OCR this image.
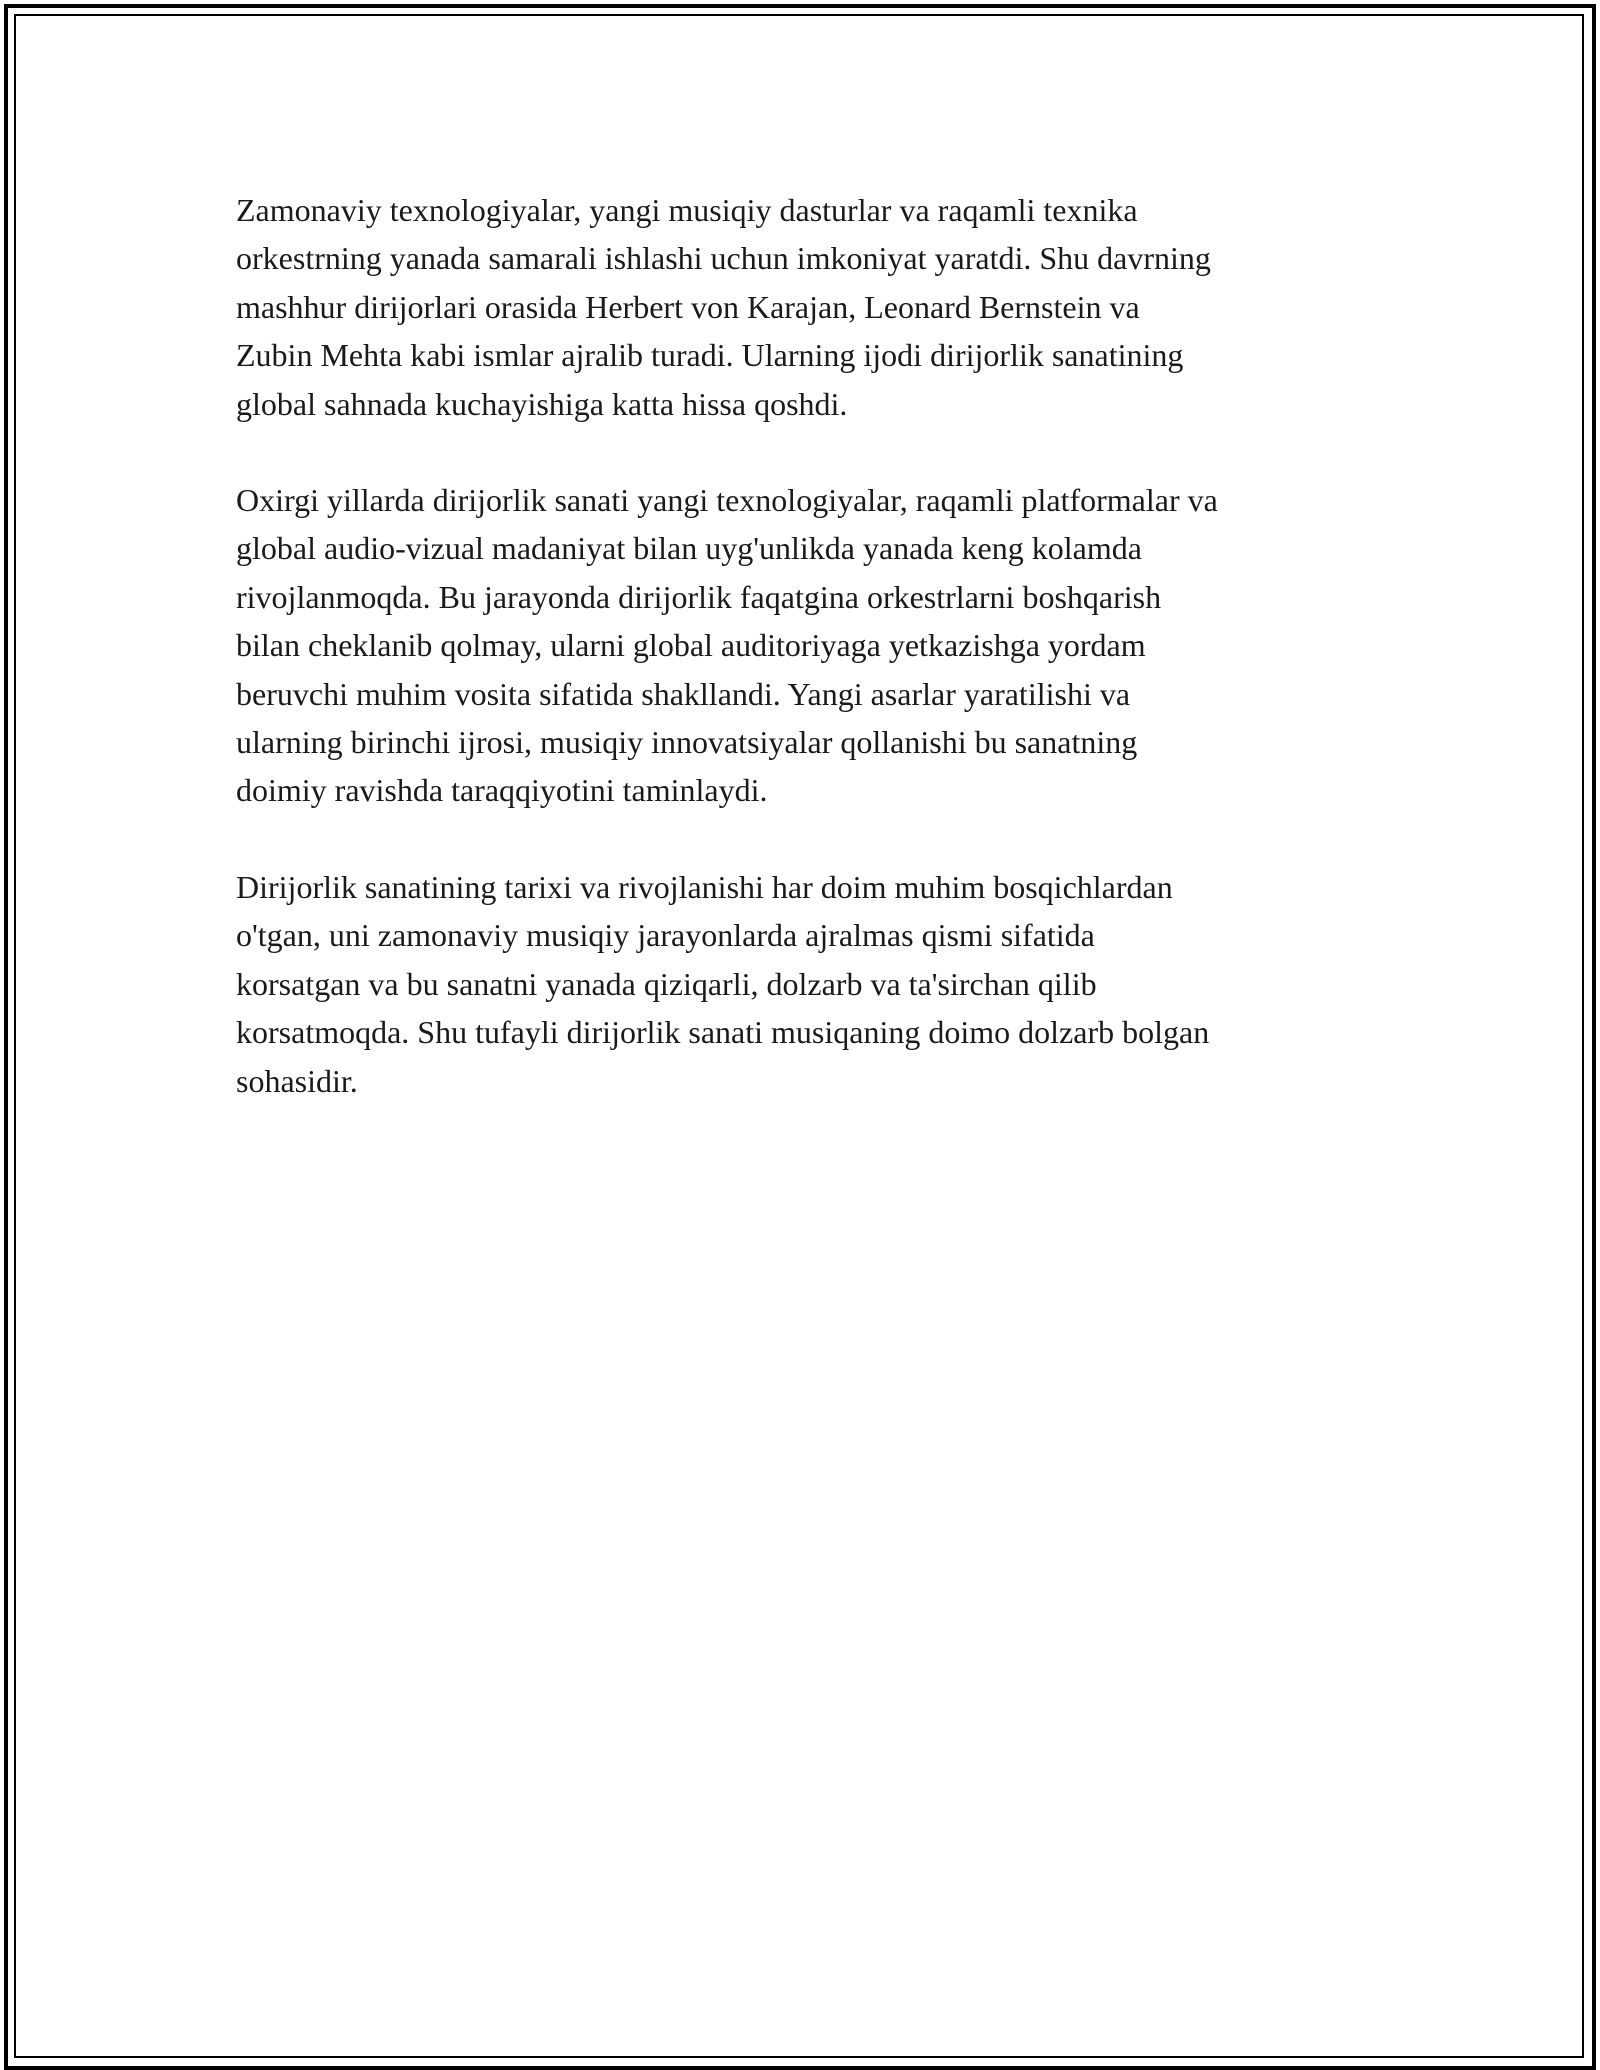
Zamonaviy texnologiyalar, yangi musiqiy dasturlar va raqamli texnika
orkestrning yanada samarali ishlashi uchun imkoniyat yaratdi. Shu davrning
mashhur dirijorlari orasida Herbert von Karajan, Leonard Bernstein va
Zubin Mehta kabi ismlar ajralib turadi. Ularning ijodi dirijorlik sanatining
global sahnada kuchayishiga katta hissa qoshdi.

Oxirgi yillarda dirijorlik sanati yangi texnologiyalar, raqamli platformalar va
global audio-vizual madaniyat bilan uyg'unlikda yanada keng kolamda
rivojlanmoqda. Bu jarayonda dirijorlik faqatgina orkestrlarni boshqarish
bilan cheklanib qolmay, ularni global auditoriyaga yetkazishga yordam
beruvchi muhim vosita sifatida shakllandi. Yangi asarlar yaratilishi va
ularning birinchi ijrosi, musiqiy innovatsiyalar qollanishi bu sanatning
doimiy ravishda taraqqiyotini taminlaydi.

Dirijorlik sanatining tarixi va rivojlanishi har doim muhim bosqichlardan
o'tgan, uni zamonaviy musiqiy jarayonlarda ajralmas qismi sifatida
korsatgan va bu sanatni yanada qiziqarli, dolzarb va ta'sirchan qilib
korsatmoqda. Shu tufayli dirijorlik sanati musiqaning doimo dolzarb bolgan
sohasidir.
